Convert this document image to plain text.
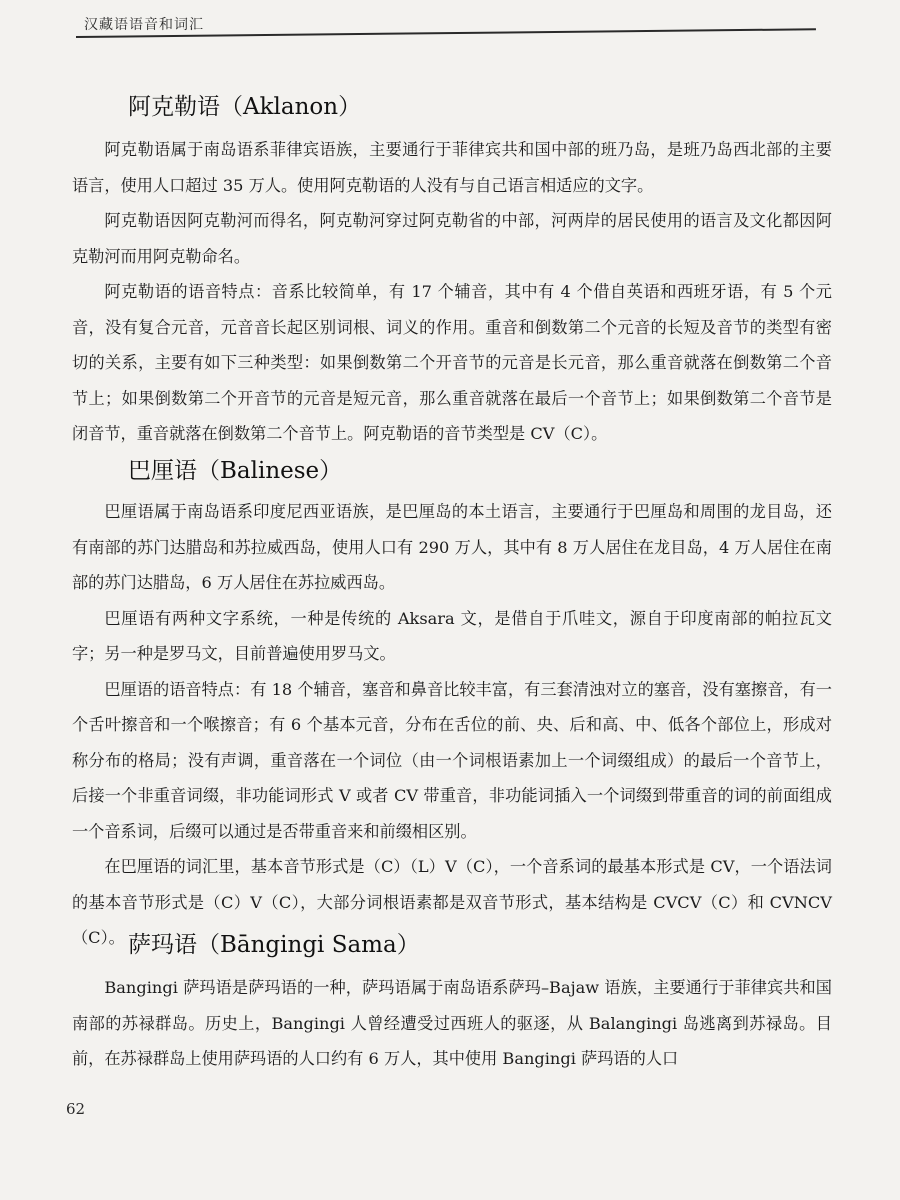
汉藏语语音和词汇
阿克勒语（Aklanon）

阿克勒语属于南岛语系菲律宾语族，主要通行于菲律宾共和国中部的班乃岛，是班乃岛西北部的主要语言，使用人口超过 35 万人。使用阿克勒语的人没有与自己语言相适应的文字。

阿克勒语因阿克勒河而得名，阿克勒河穿过阿克勒省的中部，河两岸的居民使用的语言及文化都因阿克勒河而用阿克勒命名。

阿克勒语的语音特点：音系比较简单，有 17 个辅音，其中有 4 个借自英语和西班牙语，有 5 个元音，没有复合元音，元音音长起区别词根、词义的作用。重音和倒数第二个元音的长短及音节的类型有密切的关系，主要有如下三种类型：如果倒数第二个开音节的元音是长元音，那么重音就落在倒数第二个音节上；如果倒数第二个开音节的元音是短元音，那么重音就落在最后一个音节上；如果倒数第二个音节是闭音节，重音就落在倒数第二个音节上。阿克勒语的音节类型是 CV（C）。

巴厘语（Balinese）

巴厘语属于南岛语系印度尼西亚语族，是巴厘岛的本土语言，主要通行于巴厘岛和周围的龙目岛，还有南部的苏门达腊岛和苏拉威西岛，使用人口有 290 万人，其中有 8 万人居住在龙目岛，4 万人居住在南部的苏门达腊岛，6 万人居住在苏拉威西岛。

巴厘语有两种文字系统，一种是传统的 Aksara 文，是借自于爪哇文，源自于印度南部的帕拉瓦文字；另一种是罗马文，目前普遍使用罗马文。

巴厘语的语音特点：有 18 个辅音，塞音和鼻音比较丰富，有三套清浊对立的塞音，没有塞擦音，有一个舌叶擦音和一个喉擦音；有 6 个基本元音，分布在舌位的前、央、后和高、中、低各个部位上，形成对称分布的格局；没有声调，重音落在一个词位（由一个词根语素加上一个词缀组成）的最后一个音节上，后接一个非重音词缀，非功能词形式 V 或者 CV 带重音，非功能词插入一个词缀到带重音的词的前面组成一个音系词，后缀可以通过是否带重音来和前缀相区别。

在巴厘语的词汇里，基本音节形式是（C）（L）V（C），一个音系词的最基本形式是 CV，一个语法词的基本音节形式是（C）V（C），大部分词根语素都是双音节形式，基本结构是 CVCV（C）和 CVNCV（C）。 萨玛语（Bāngingi Sama）

Bangingi 萨玛语是萨玛语的一种，萨玛语属于南岛语系萨玛–Bajaw 语族，主要通行于菲律宾共和国南部的苏禄群岛。历史上，Bangingi 人曾经遭受过西班人的驱逐，从 Balangingi 岛逃离到苏禄岛。目前，在苏禄群岛上使用萨玛语的人口约有 6 万人，其中使用 Bangingi 萨玛语的人口

62
